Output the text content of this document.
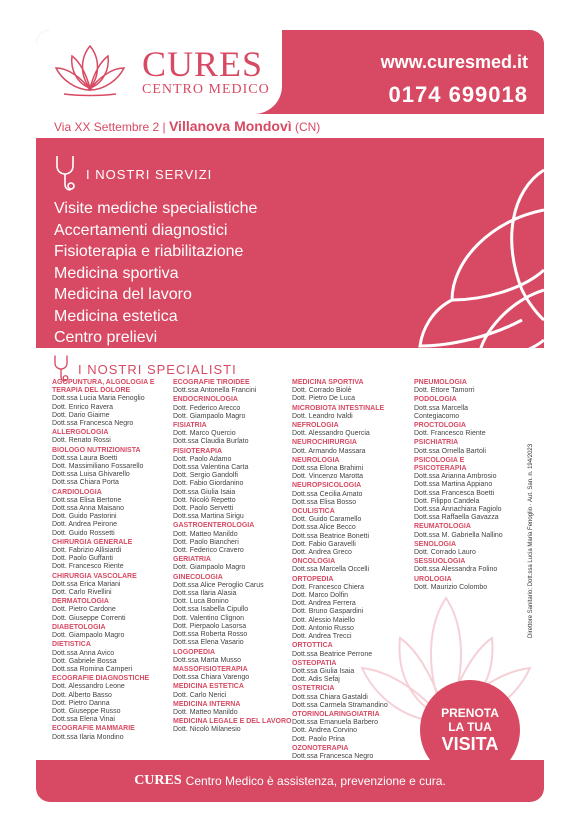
CURES
CENTRO MEDICO
www.curesmed.it
0174 699018
Via XX Settembre 2 | Villanova Mondovì (CN)
I NOSTRI SERVIZI
Visite mediche specialistiche
Accertamenti diagnostici
Fisioterapia e riabilitazione
Medicina sportiva
Medicina del lavoro
Medicina estetica
Centro prelievi
I NOSTRI SPECIALISTI
AGOPUNTURA, ALGOLOGIA E TERAPIA DEL DOLORE
Dott.ssa Lucia Maria Fenoglio
Dott. Enrico Ravera
Dott. Dario Giaime
Dott.ssa Francesca Negro
ALLERGOLOGIA
Dott. Renato Rossi
BIOLOGO NUTRIZIONISTA
Dott.ssa Laura Boetti
Dott. Massimiliano Fossarello
Dott.ssa Luisa Ghivarello
Dott.ssa Chiara Porta
CARDIOLOGIA
Dott.ssa Elisa Bertone
Dott.ssa Anna Maisano
Dott. Guido Pastorini
Dott. Andrea Peirone
Dott. Guido Rossetti
CHIRURGIA GENERALE
Dott. Fabrizio Allisiardi
Dott. Paolo Guffanti
Dott. Francesco Riente
CHIRURGIA VASCOLARE
Dott.ssa Erica Mariani
Dott. Carlo Rivellini
DERMATOLOGIA
Dott. Pietro Cardone
Dott. Giuseppe Correnti
DIABETOLOGIA
Dott. Giampaolo Magro
DIETISTICA
Dott.ssa Anna Avico
Dott. Gabriele Bossa
Dott.ssa Romina Camperi
ECOGRAFIE DIAGNOSTICHE
Dott. Alessandro Leone
Dott. Alberto Basso
Dott. Pietro Danna
Dott. Giuseppe Russo
Dott.ssa Elena Vinai
ECOGRAFIE MAMMARIE
Dott.ssa Ilaria Mondino
ECOGRAFIE TIROIDEE
Dott.ssa Antonella Francini
ENDOCRINOLOGIA
Dott. Federico Arecco
Dott. Giampaolo Magro
FISIATRIA
Dott. Marco Quercio
Dott.ssa Claudia Burlato
FISIOTERAPIA
Dott. Paolo Adamo
Dott.ssa Valentina Carta
Dott. Sergio Gandolfi
Dott. Fabio Giordanino
Dott.ssa Giulia Isaia
Dott. Nicolò Repetto
Dott. Paolo Servetti
Dott.ssa Martina Sirigu
GASTROENTEROLOGIA
Dott. Matteo Manildo
Dott. Paolo Biancheri
Dott. Federico Cravero
GERIATRIA
Dott. Giampaolo Magro
GINECOLOGIA
Dott.ssa Alice Peroglio Carus
Dott.ssa Ilaria Alasia
Dott. Luca Bonino
Dott.ssa Isabella Cipullo
Dott. Valentino Clignon
Dott. Pierpaolo Lasorsa
Dott.ssa Roberta Rosso
Dott.ssa Elena Vasario
LOGOPEDIA
Dott.ssa Marta Musso
MASSOFISIOTERAPIA
Dott.ssa Chiara Varengo
MEDICINA ESTETICA
Dott. Carlo Nerici
MEDICINA INTERNA
Dott. Matteo Manildo
MEDICINA LEGALE E DEL LAVORO
Dott. Nicolò Milanesio
MEDICINA SPORTIVA
Dott. Corrado Biolè
Dott. Pietro De Luca
MICROBIOTA INTESTINALE
Dott. Leandro Ivaldi
NEFROLOGIA
Dott. Alessandro Quercia
NEUROCHIRURGIA
Dott. Armando Massara
NEUROLOGIA
Dott.ssa Elona Brahimi
Dott. Vincenzo Marotta
NEUROPSICOLOGIA
Dott.ssa Cecilia Amato
Dott.ssa Elisa Bosso
OCULISTICA
Dott. Guido Caramello
Dott.ssa Alice Becco
Dott.ssa Beatrice Bonetti
Dott. Fabio Garavelli
Dott. Andrea Greco
ONCOLOGIA
Dott.ssa Marcella Occelli
ORTOPEDIA
Dott. Francesco Chiera
Dott. Marco Dolfin
Dott. Andrea Ferrera
Dott. Bruno Gaspardini
Dott. Alessio Maiello
Dott. Antonio Russo
Dott. Andrea Trecci
ORTOTTICA
Dott.ssa Beatrice Perrone
OSTEOPATIA
Dott.ssa Giulia Isaia
Dott. Adis Sefaj
OSTETRICIA
Dott.ssa Chiara Gastaldi
Dott.ssa Carmela Stramandino
OTORINOLARINGOIATRIA
Dott.ssa Emanuela Barbero
Dott. Andrea Corvino
Dott. Paolo Prina
OZONOTERAPIA
Dott.ssa Francesca Negro
PNEUMOLOGIA
Dott. Ettore Tamorri
PODOLOGIA
Dott.ssa Marcella Contegiacomo
PROCTOLOGIA
Dott. Francesco Riente
PSICHIATRIA
Dott.ssa Ornella Bartoli
PSICOLOGIA E PSICOTERAPIA
Dott.ssa Arianna Ambrosio
Dott.ssa Martina Appiano
Dott.ssa Francesca Boetti
Dott. Filippo Candela
Dott.ssa Annachiara Fagiolo
Dott.ssa Raffaella Gavazza
REUMATOLOGIA
Dott.ssa M. Gabriella Nallino
SENOLOGIA
Dott. Corrado Lauro
SESSUOLOGIA
Dott.ssa Alessandra Folino
UROLOGIA
Dott. Maurizio Colombo	Direttore Sanitario: Dott.ssa Lucia Maria Fenoglio · Aut. San. n. 194/2023
PRENOTA
LA TUA
VISITA
CURES Centro Medico è assistenza, prevenzione e cura.
